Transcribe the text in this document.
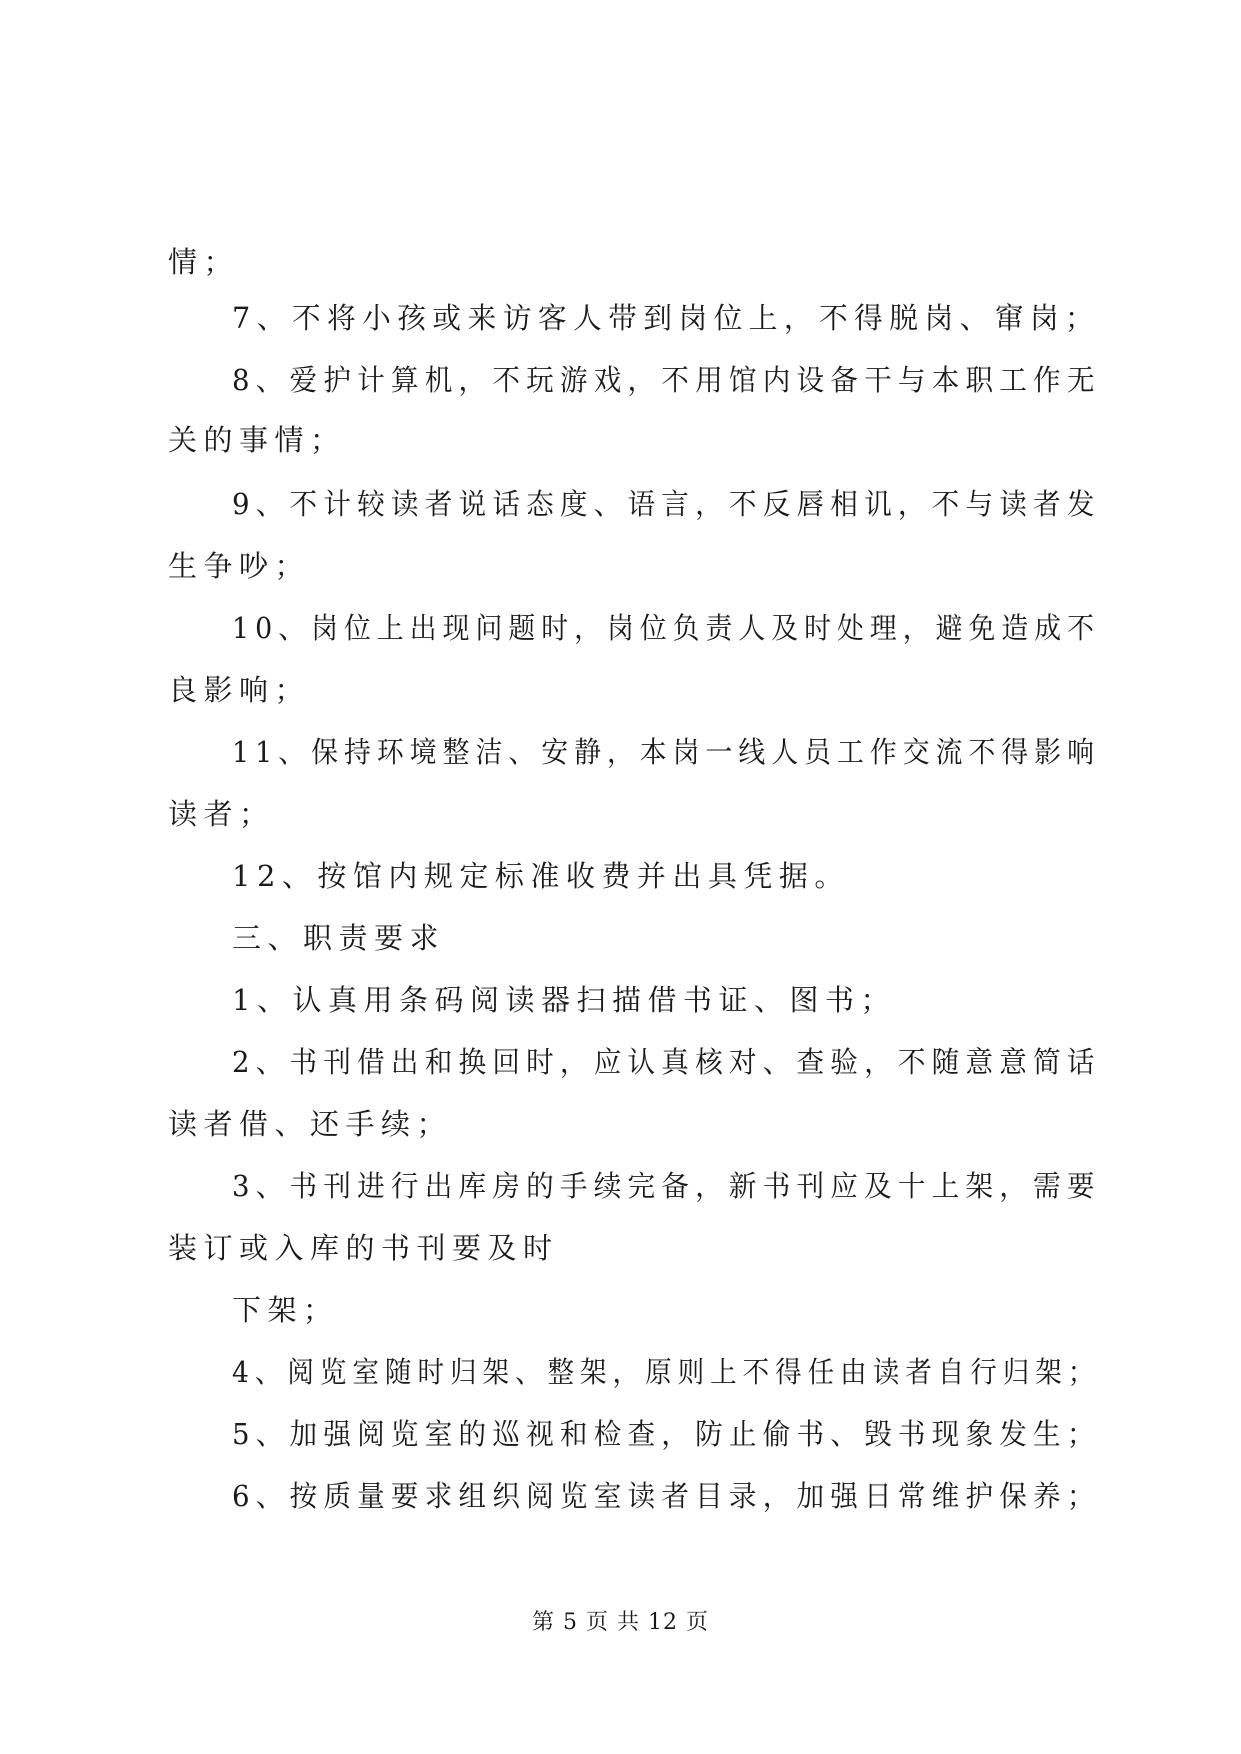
情；
7、不将小孩或来访客人带到岗位上，不得脱岗、窜岗；
8、爱护计算机，不玩游戏，不用馆内设备干与本职工作无
关的事情；
9、不计较读者说话态度、语言，不反唇相讥，不与读者发
生争吵；
10、岗位上出现问题时，岗位负责人及时处理，避免造成不
良影响；
11、保持环境整洁、安静，本岗一线人员工作交流不得影响
读者；
12、按馆内规定标准收费并出具凭据。
三、职责要求
1、认真用条码阅读器扫描借书证、图书；
2、书刊借出和换回时，应认真核对、查验，不随意意简话
读者借、还手续；
3、书刊进行出库房的手续完备，新书刊应及十上架，需要
装订或入库的书刊要及时
下架；
4、阅览室随时归架、整架，原则上不得任由读者自行归架；
5、加强阅览室的巡视和检查，防止偷书、毁书现象发生；
6、按质量要求组织阅览室读者目录，加强日常维护保养；
第 5 页 共 12 页
